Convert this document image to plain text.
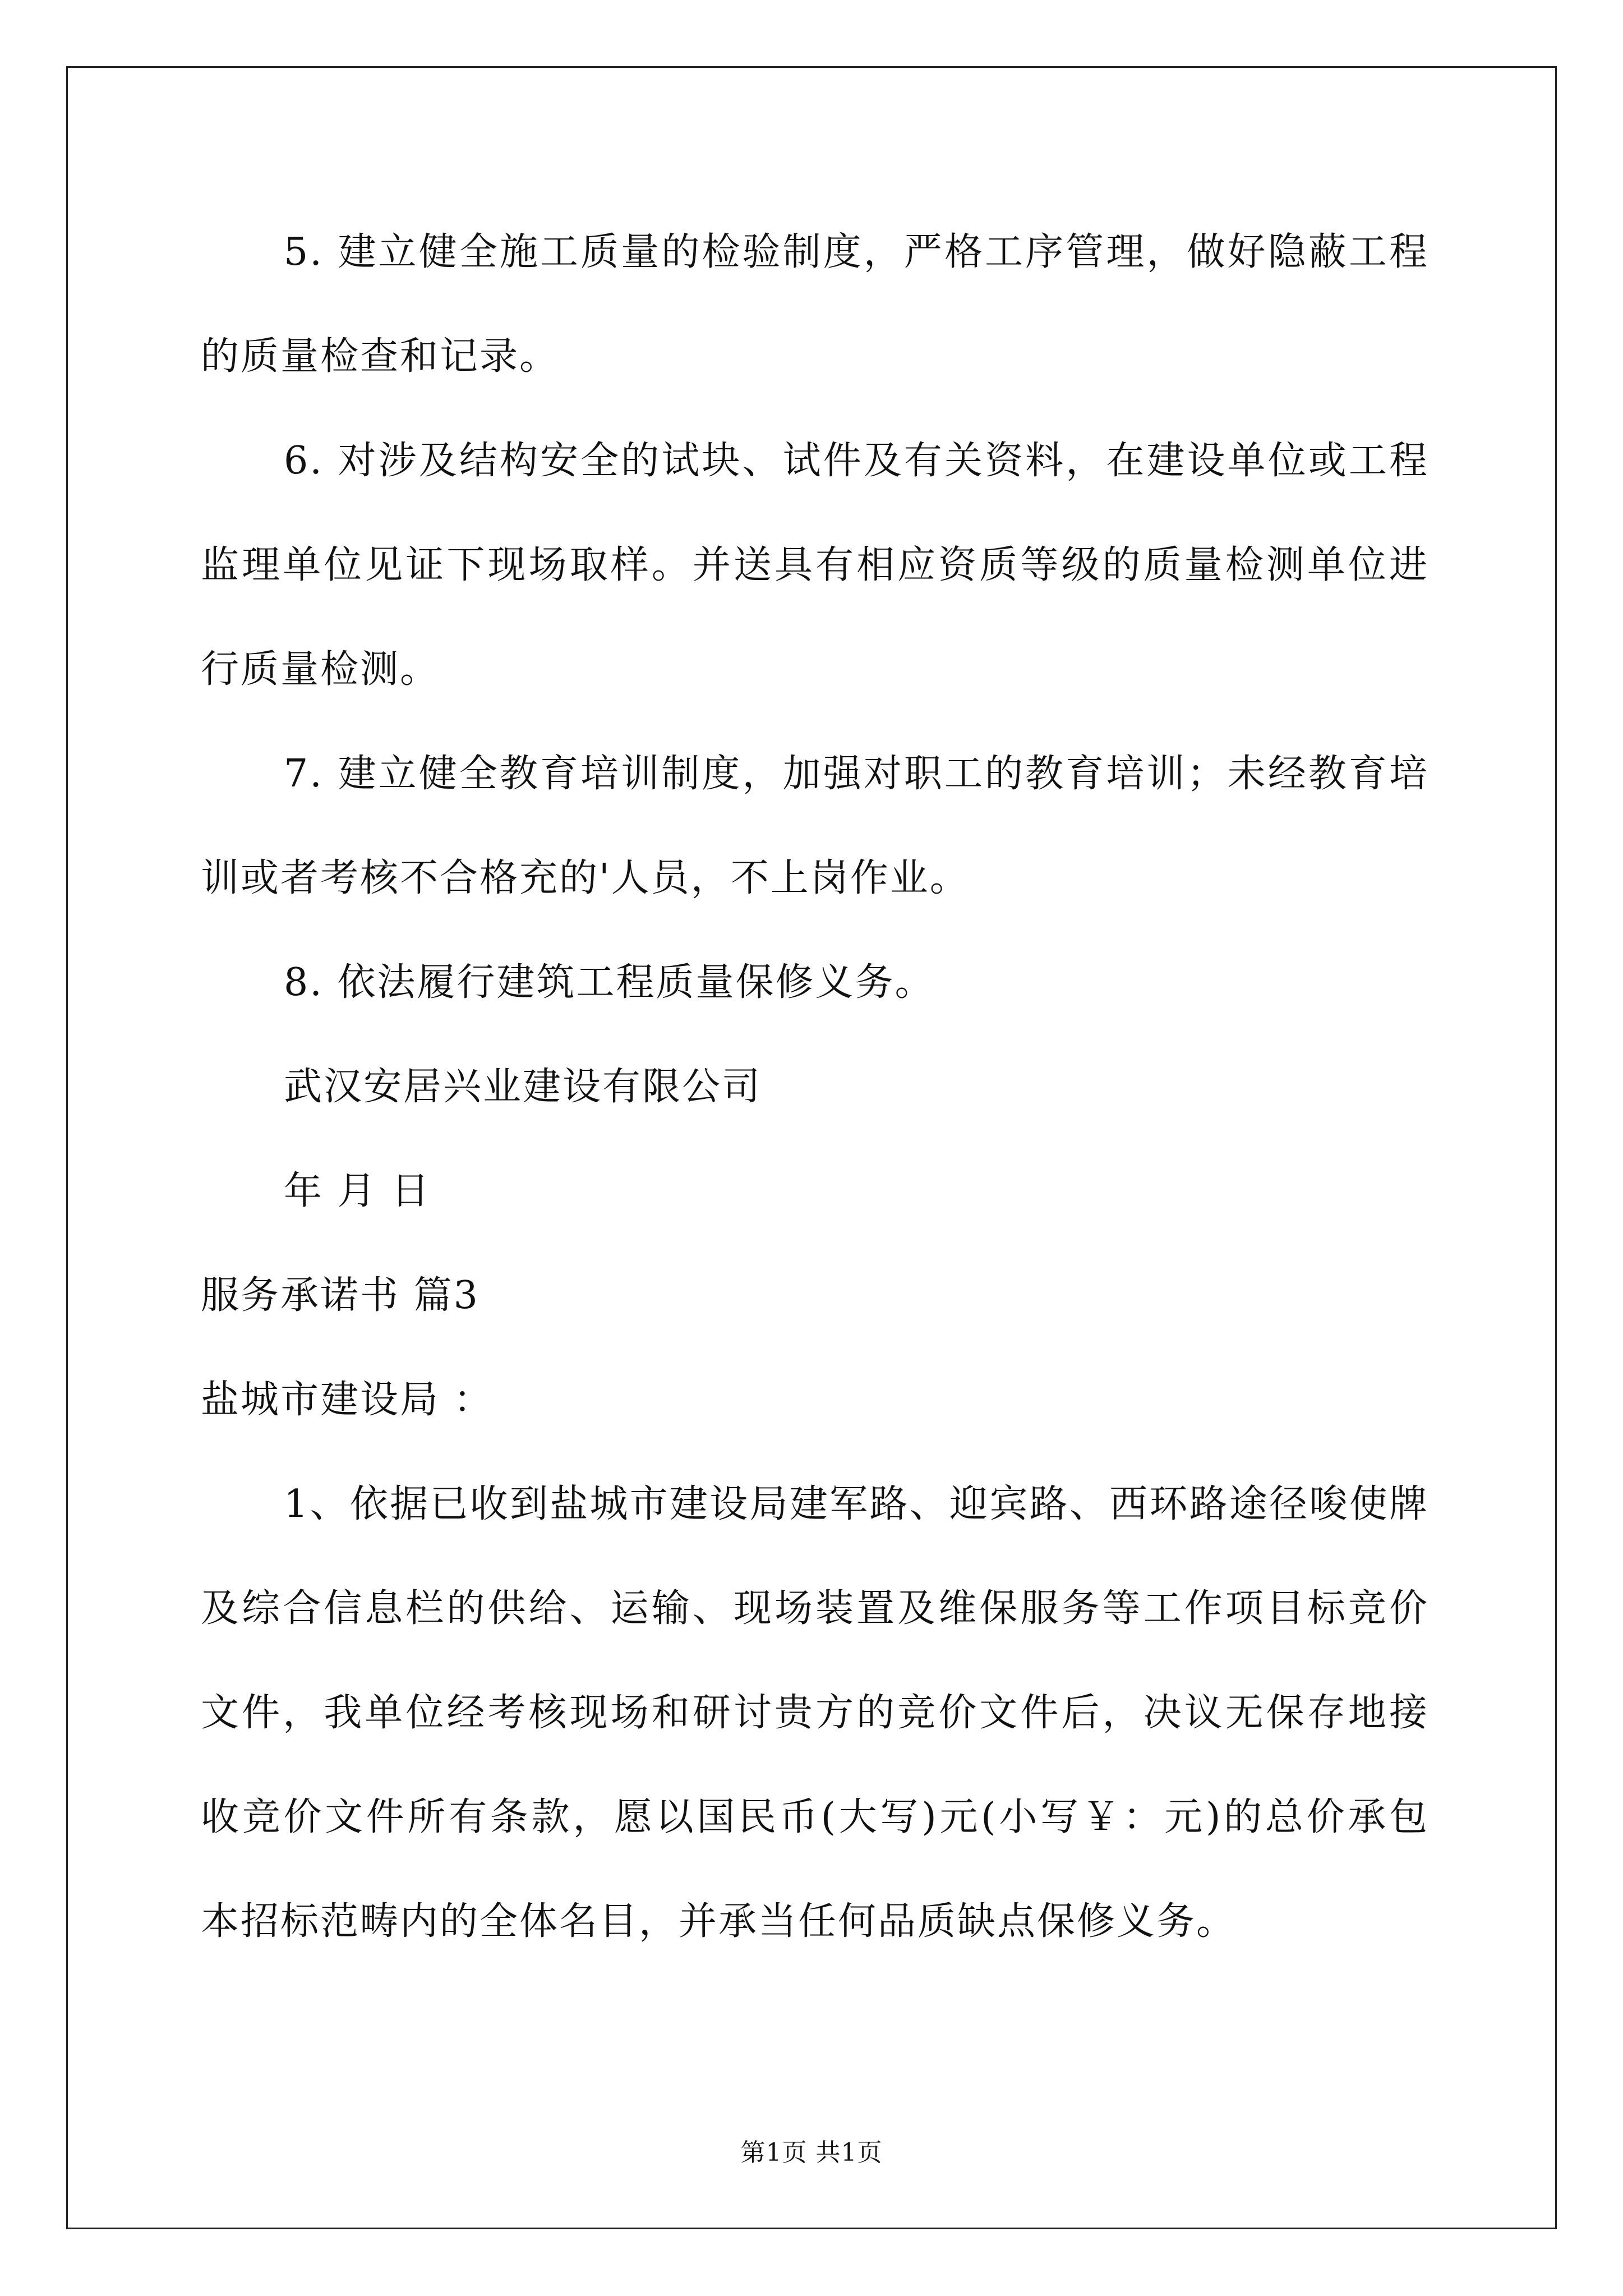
5. 建立健全施工质量的检验制度，严格工序管理，做好隐蔽工程
的质量检查和记录。
6. 对涉及结构安全的试块、试件及有关资料，在建设单位或工程
监理单位见证下现场取样。并送具有相应资质等级的质量检测单位进
行质量检测。
7. 建立健全教育培训制度，加强对职工的教育培训；未经教育培
训或者考核不合格充的'人员，不上岗作业。
8. 依法履行建筑工程质量保修义务。
武汉安居兴业建设有限公司
年 月 日
服务承诺书 篇3
盐城市建设局 ：
1、依据已收到盐城市建设局建军路、迎宾路、西环路途径唆使牌
及综合信息栏的供给、运输、现场装置及维保服务等工作项目标竞价
文件，我单位经考核现场和研讨贵方的竞价文件后，决议无保存地接
收竞价文件所有条款，愿以国民币(大写)元(小写￥：元)的总价承包
本招标范畴内的全体名目，并承当任何品质缺点保修义务。
第1页 共1页
